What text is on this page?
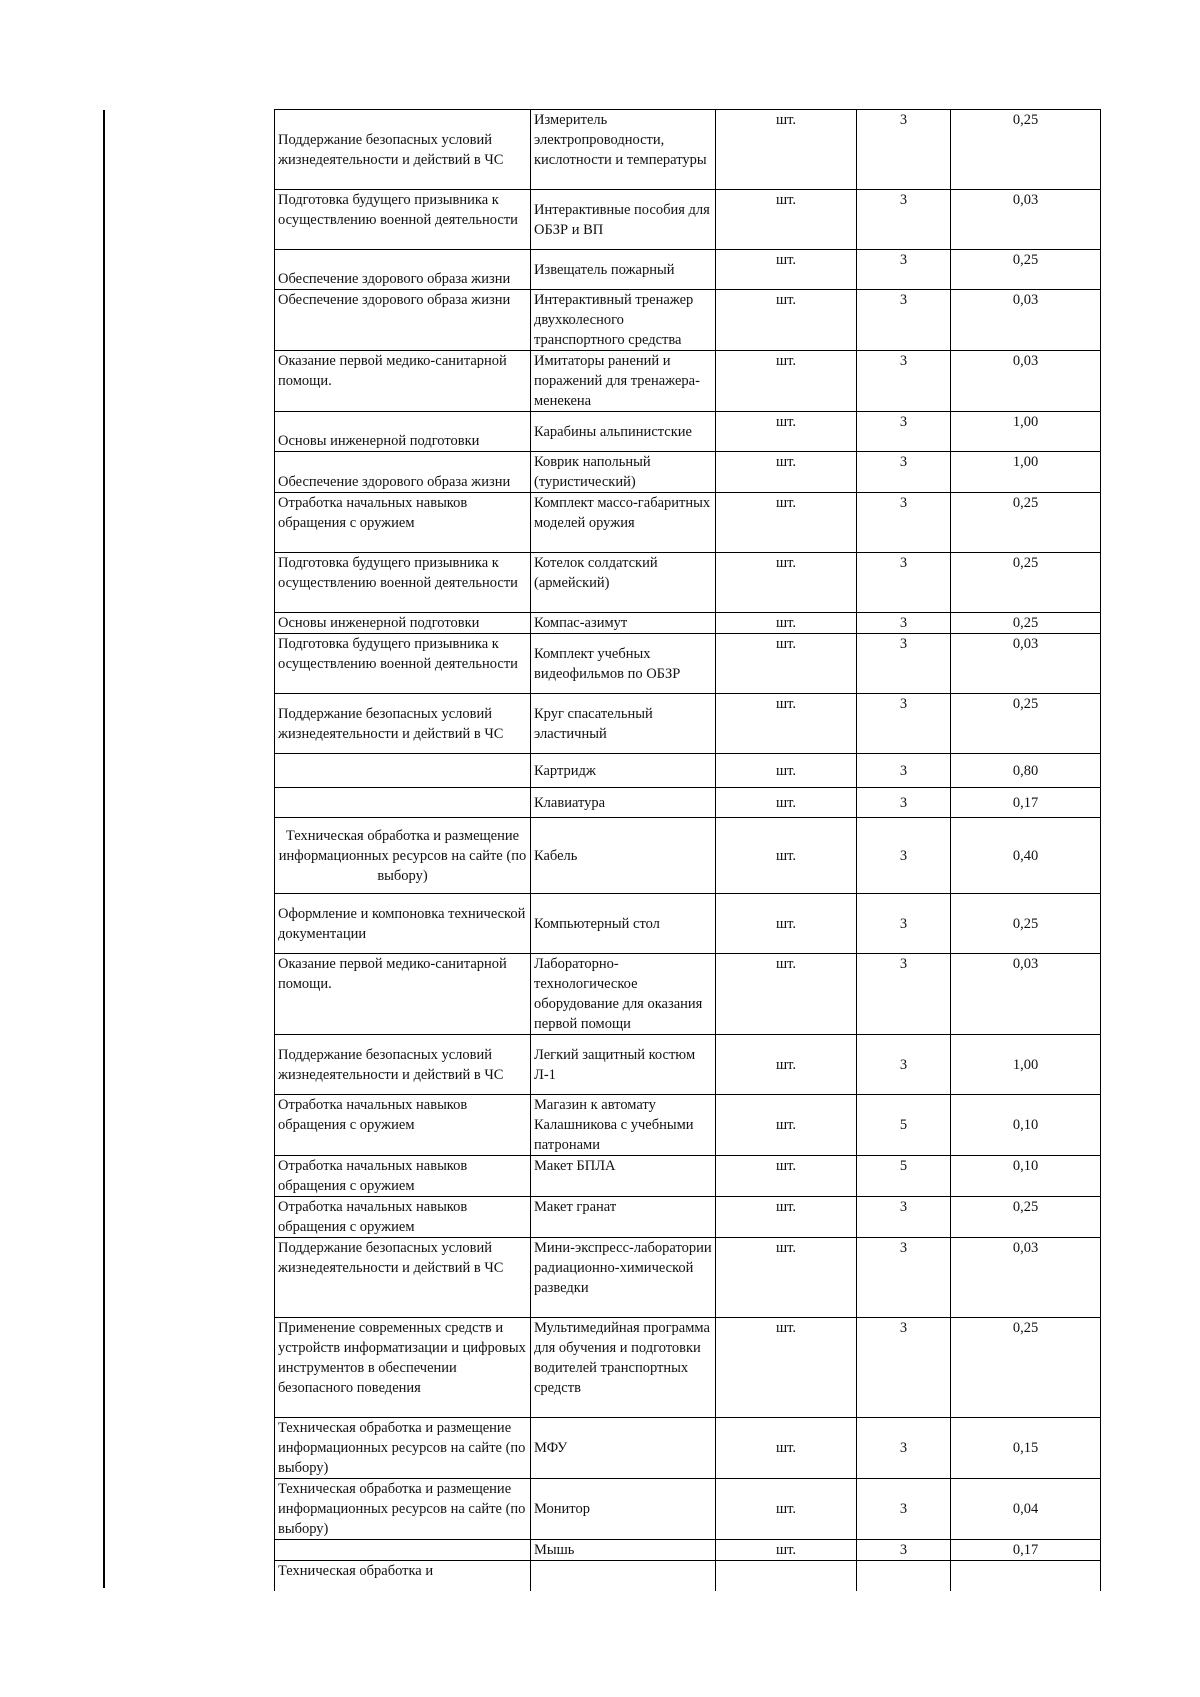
Поддержание безопасных условий жизнедеятельности и действий в ЧС	Измеритель электропроводности, кислотности и температуры	шт.	3	0,25
Подготовка будущего призывника к осуществлению военной деятельности	Интерактивные пособия для ОБЗР и ВП	шт.	3	0,03
Обеспечение здорового образа жизни	Извещатель пожарный	шт.	3	0,25
Обеспечение здорового образа жизни	Интерактивный тренажер двухколесного транспортного средства	шт.	3	0,03
Оказание первой медико-санитарной помощи.	Имитаторы ранений и поражений для тренажера-менекена	шт.	3	0,03
Основы инженерной подготовки	Карабины альпинистские	шт.	3	1,00
Обеспечение здорового образа жизни	Коврик напольный (туристический)	шт.	3	1,00
Отработка начальных навыков обращения с оружием	Комплект массо-габаритных моделей оружия	шт.	3	0,25
Подготовка будущего призывника к осуществлению военной деятельности	Котелок солдатский (армейский)	шт.	3	0,25
Основы инженерной подготовки	Компас-азимут	шт.	3	0,25
Подготовка будущего призывника к осуществлению военной деятельности	Комплект учебных видеофильмов по ОБЗР	шт.	3	0,03
Поддержание безопасных условий жизнедеятельности и действий в ЧС	Круг спасательный эластичный	шт.	3	0,25
	Картридж	шт.	3	0,80
	Клавиатура	шт.	3	0,17
Техническая обработка и размещение информационных ресурсов на сайте (по выбору)	Кабель	шт.	3	0,40
Оформление и компоновка технической документации	Компьютерный стол	шт.	3	0,25
Оказание первой медико-санитарной помощи.	Лабораторно-технологическое оборудование для оказания первой помощи	шт.	3	0,03
Поддержание безопасных условий жизнедеятельности и действий в ЧС	Легкий защитный костюм Л-1	шт.	3	1,00
Отработка начальных навыков обращения с оружием	Магазин к автомату Калашникова с учебными патронами	шт.	5	0,10
Отработка начальных навыков обращения с оружием	Макет БПЛА	шт.	5	0,10
Отработка начальных навыков обращения с оружием	Макет гранат	шт.	3	0,25
Поддержание безопасных условий жизнедеятельности и действий в ЧС	Мини-экспресс-лаборатории радиационно-химической разведки	шт.	3	0,03
Применение современных средств и устройств информатизации и цифровых инструментов в обеспечении безопасного поведения	Мультимедийная программа для обучения и подготовки водителей транспортных средств	шт.	3	0,25
Техническая обработка и размещение информационных ресурсов на сайте (по выбору)	МФУ	шт.	3	0,15
Техническая обработка и размещение информационных ресурсов на сайте (по выбору)	Монитор	шт.	3	0,04
	Мышь	шт.	3	0,17
Техническая обработка и				
